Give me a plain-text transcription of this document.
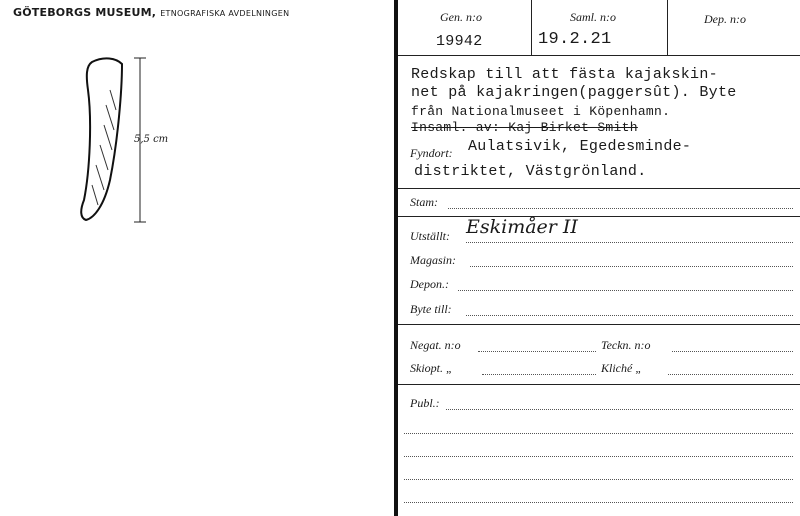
GÖTEBORGS MUSEUM, ETNOGRAFISKA AVDELNINGEN
5,5 cm
Gen. n:o
19942
Saml. n:o
19.2.21
Dep. n:o
Redskap till att fästa kajakskin-
net på kajakringen(paggersût). Byte
från Nationalmuseet i Köpenhamn.
Insaml. av: Kaj Birket-Smith
Fyndort: Aulatsivik, Egedesminde-
distriktet, Västgrönland.
Stam:
Utställt: Eskimåer II
Magasin:
Depon.:
Byte till:
Negat. n:o	Teckn. n:o
Skiopt. „	Kliché „
Publ.:
